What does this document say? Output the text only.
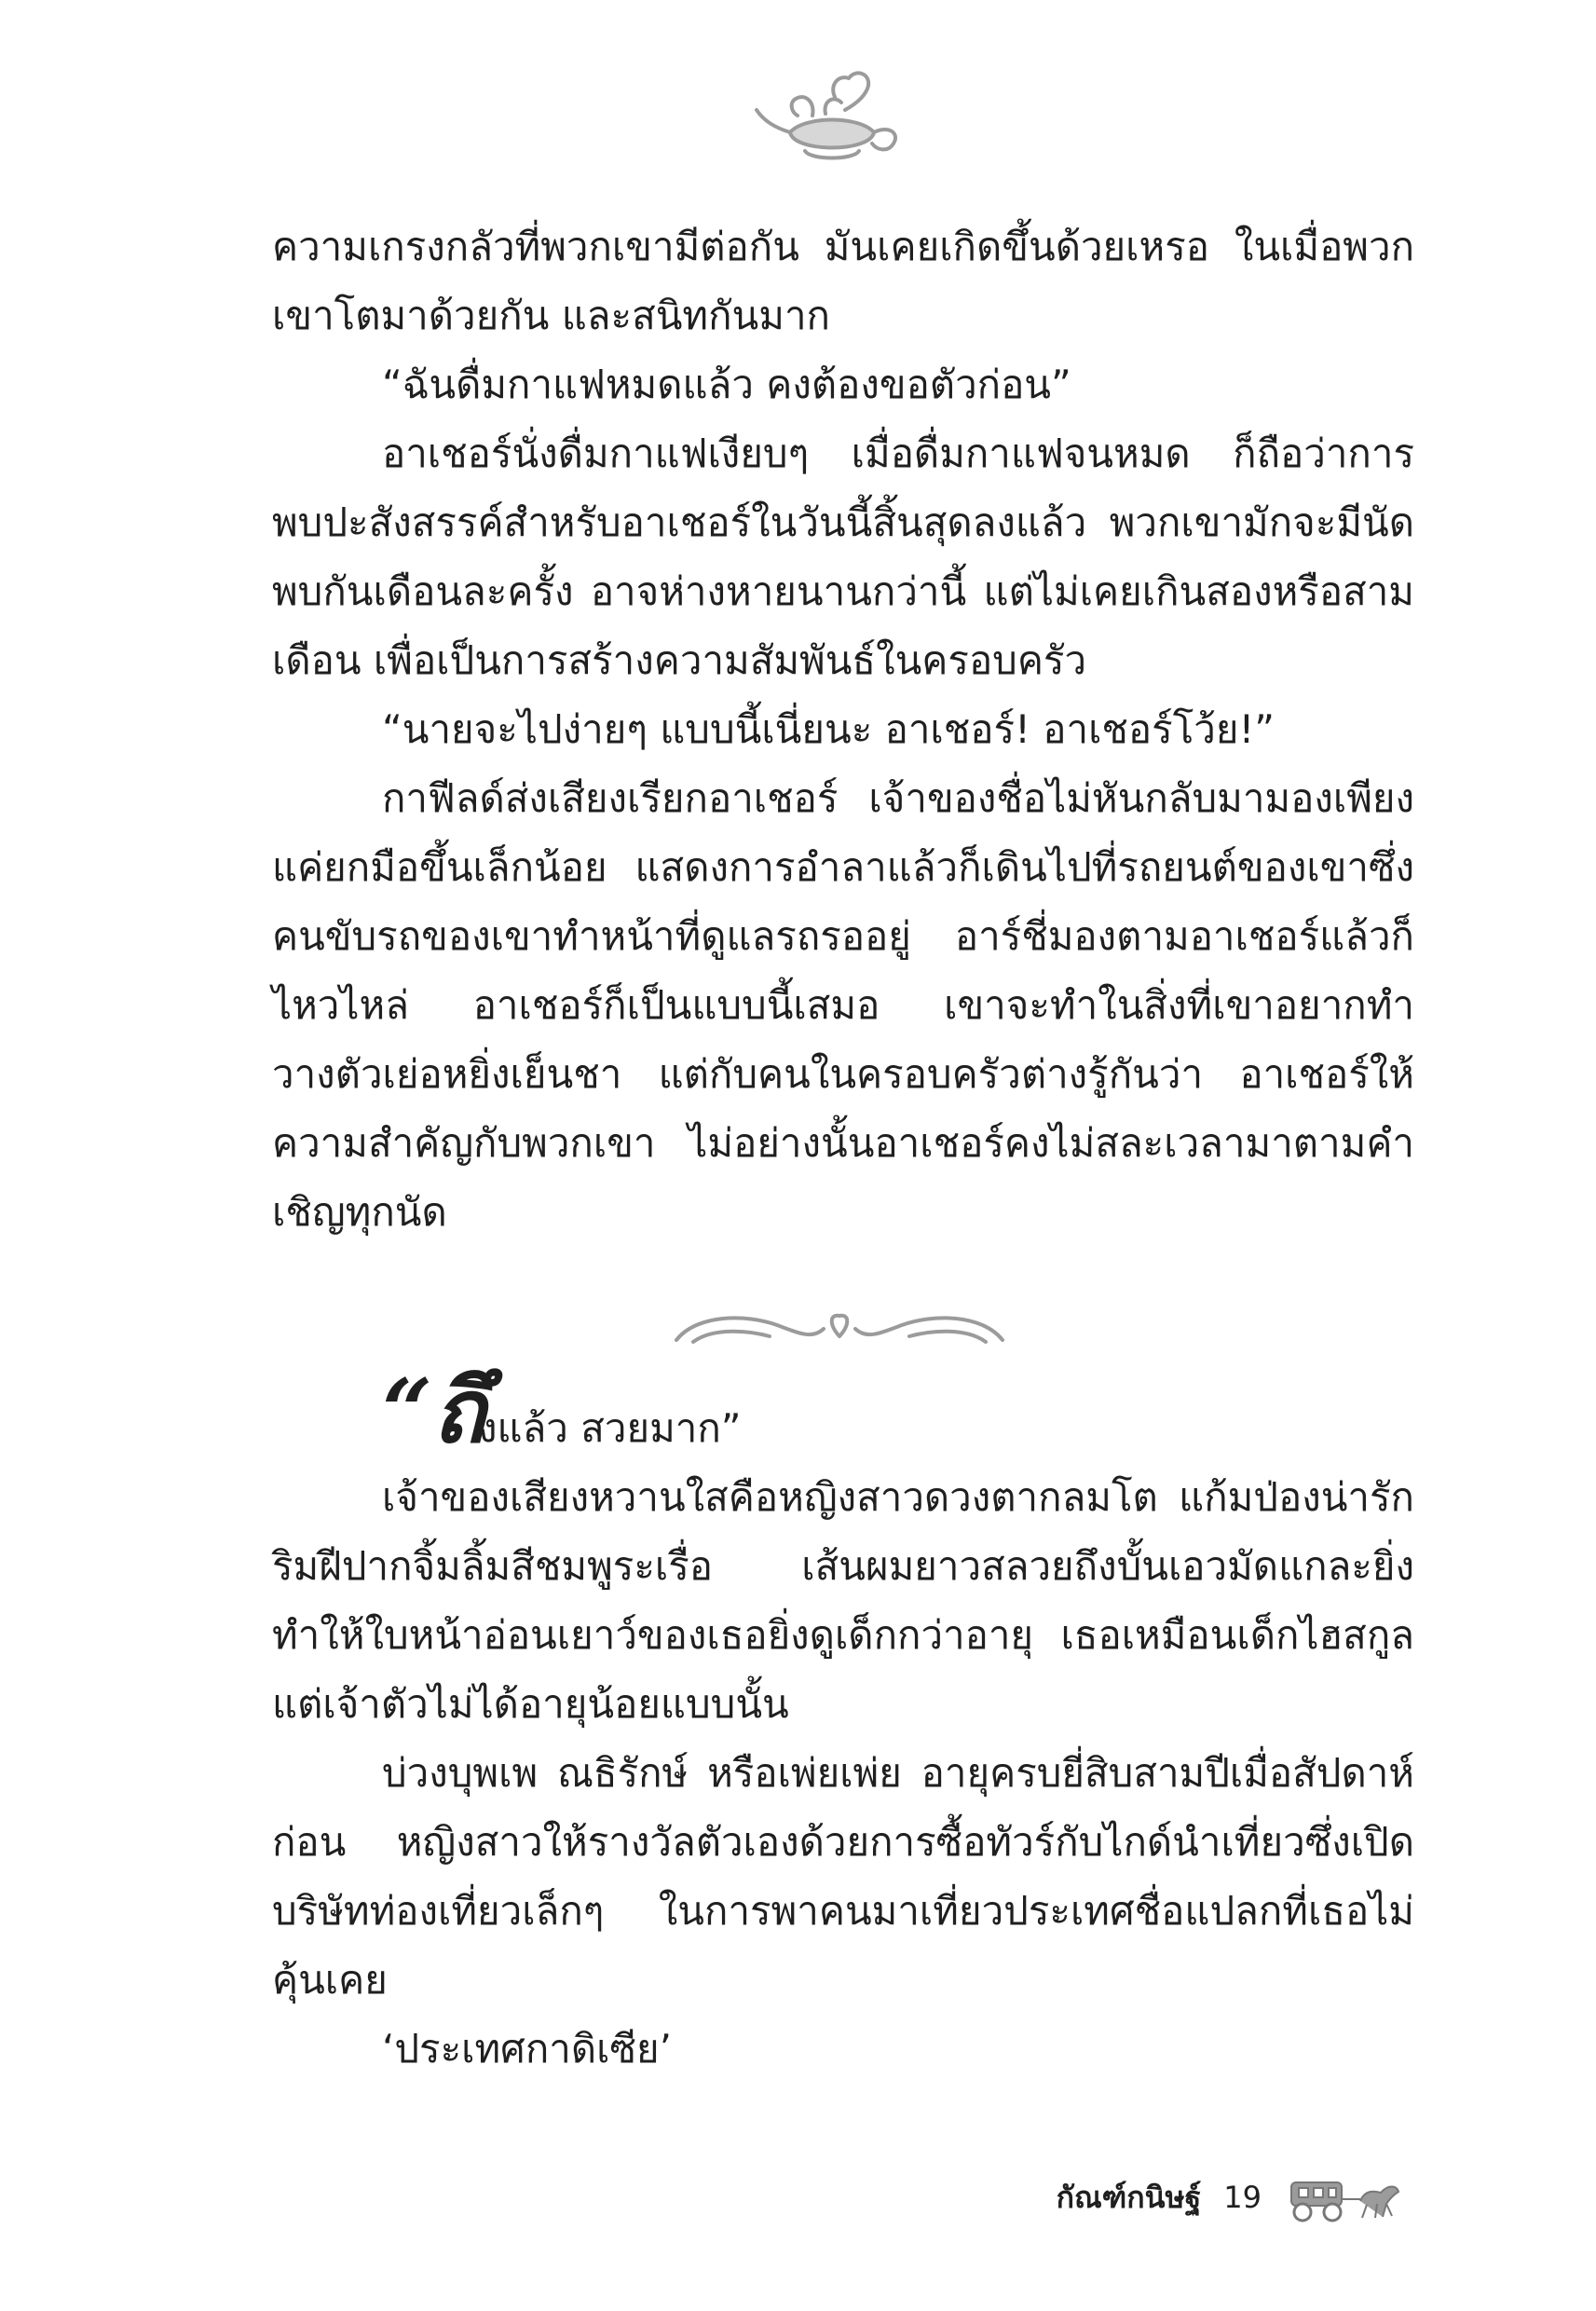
ความเกรงกลัวที่พวกเขามีต่อกัน มันเคยเกิดขึ้นด้วยเหรอ ในเมื่อพวกเขาโตมาด้วยกัน และสนิทกันมาก

“ฉันดื่มกาแฟหมดแล้ว คงต้องขอตัวก่อน”

อาเชอร์นั่งดื่มกาแฟเงียบๆ เมื่อดื่มกาแฟจนหมด ก็ถือว่าการพบปะสังสรรค์สำหรับอาเชอร์ในวันนี้สิ้นสุดลงแล้ว พวกเขามักจะมีนัดพบกันเดือนละครั้ง อาจห่างหายนานกว่านี้ แต่ไม่เคยเกินสองหรือสามเดือน เพื่อเป็นการสร้างความสัมพันธ์ในครอบครัว

“นายจะไปง่ายๆ แบบนี้เนี่ยนะ อาเชอร์! อาเชอร์โว้ย!”

กาฟีลด์ส่งเสียงเรียกอาเชอร์ เจ้าของชื่อไม่หันกลับมามองเพียงแค่ยกมือขึ้นเล็กน้อย แสดงการอำลาแล้วก็เดินไปที่รถยนต์ของเขาซึ่งคนขับรถของเขาทำหน้าที่ดูแลรถรออยู่ อาร์ชี่มองตามอาเชอร์แล้วก็ไหวไหล่ อาเชอร์ก็เป็นแบบนี้เสมอ เขาจะทำในสิ่งที่เขาอยากทำ วางตัวเย่อหยิ่งเย็นชา แต่กับคนในครอบครัวต่างรู้กันว่า อาเชอร์ให้ความสำคัญกับพวกเขา ไม่อย่างนั้นอาเชอร์คงไม่สละเวลามาตามคำเชิญทุกนัด

“ถึงแล้ว สวยมาก”

เจ้าของเสียงหวานใสคือหญิงสาวดวงตากลมโต แก้มป่องน่ารักริมฝีปากจิ้มลิ้มสีชมพูระเรื่อ เส้นผมยาวสลวยถึงบั้นเอวมัดแกละยิ่งทำให้ใบหน้าอ่อนเยาว์ของเธอยิ่งดูเด็กกว่าอายุ เธอเหมือนเด็กไฮสกูลแต่เจ้าตัวไม่ได้อายุน้อยแบบนั้น

บ่วงบุพเพ ณธิรักษ์ หรือเพ่ยเพ่ย อายุครบยี่สิบสามปีเมื่อสัปดาห์ก่อน หญิงสาวให้รางวัลตัวเองด้วยการซื้อทัวร์กับไกด์นำเที่ยวซึ่งเปิดบริษัทท่องเที่ยวเล็กๆ ในการพาคนมาเที่ยวประเทศชื่อแปลกที่เธอไม่คุ้นเคย

‘ประเทศกาดิเซีย’

กัณฑ์กนิษฐ์ 19
